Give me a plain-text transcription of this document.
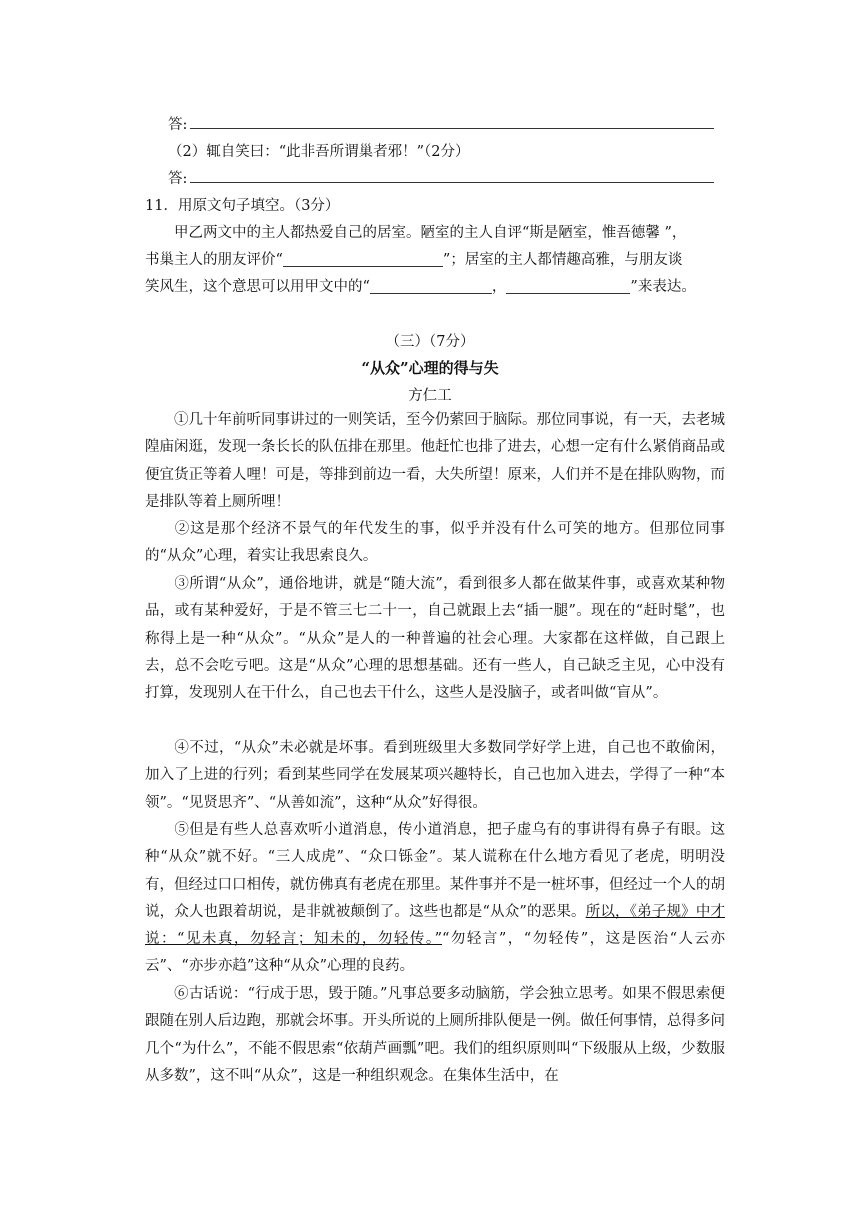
答:
（2）辄自笑曰：“此非吾所谓巢者邪！”（2分）
答:
11．用原文句子填空。（3分）
甲乙两文中的主人都热爱自己的居室。陋室的主人自评“斯是陋室，惟吾德馨 ”，
书巢主人的朋友评价“	”；居室的主人都情趣高雅，与朋友谈
笑风生，这个意思可以用甲文中的“	，	”来表达。
（三）（7分）
“从众”心理的得与失
方仁工
①几十年前听同事讲过的一则笑话，至今仍萦回于脑际。那位同事说，有一天，去老城隍庙闲逛，发现一条长长的队伍排在那里。他赶忙也排了进去，心想一定有什么紧俏商品或便宜货正等着人哩！可是，等排到前边一看，大失所望！原来，人们并不是在排队购物，而是排队等着上厕所哩！
②这是那个经济不景气的年代发生的事，似乎并没有什么可笑的地方。但那位同事的“从众”心理，着实让我思索良久。
③所谓“从众”，通俗地讲，就是“随大流”，看到很多人都在做某件事，或喜欢某种物品，或有某种爱好，于是不管三七二十一，自己就跟上去“插一腿”。现在的“赶时髦”，也称得上是一种“从众”。“从众”是人的一种普遍的社会心理。大家都在这样做，自己跟上去，总不会吃亏吧。这是“从众”心理的思想基础。还有一些人，自己缺乏主见，心中没有打算，发现别人在干什么，自己也去干什么，这些人是没脑子，或者叫做“盲从”。
④不过，“从众”未必就是坏事。看到班级里大多数同学好学上进，自己也不敢偷闲，加入了上进的行列；看到某些同学在发展某项兴趣特长，自己也加入进去，学得了一种“本领”。“见贤思齐”、“从善如流”，这种“从众”好得很。
⑤但是有些人总喜欢听小道消息，传小道消息，把子虚乌有的事讲得有鼻子有眼。这种“从众”就不好。“三人成虎”、“众口铄金”。某人谎称在什么地方看见了老虎，明明没有，但经过口口相传，就仿佛真有老虎在那里。某件事并不是一桩坏事，但经过一个人的胡说，众人也跟着胡说，是非就被颠倒了。这些也都是“从众”的恶果。所以，《弟子规》中才说：“见未真，勿轻言；知未的，勿轻传。”“勿轻言”，“勿轻传”，这是医治“人云亦云”、“亦步亦趋”这种“从众”心理的良药。
⑥古话说：“行成于思，毁于随。”凡事总要多动脑筋，学会独立思考。如果不假思索便跟随在别人后边跑，那就会坏事。开头所说的上厕所排队便是一例。做任何事情，总得多问几个“为什么”，不能不假思索“依葫芦画瓢”吧。我们的组织原则叫“下级服从上级，少数服从多数”，这不叫“从众”，这是一种组织观念。在集体生活中，在
